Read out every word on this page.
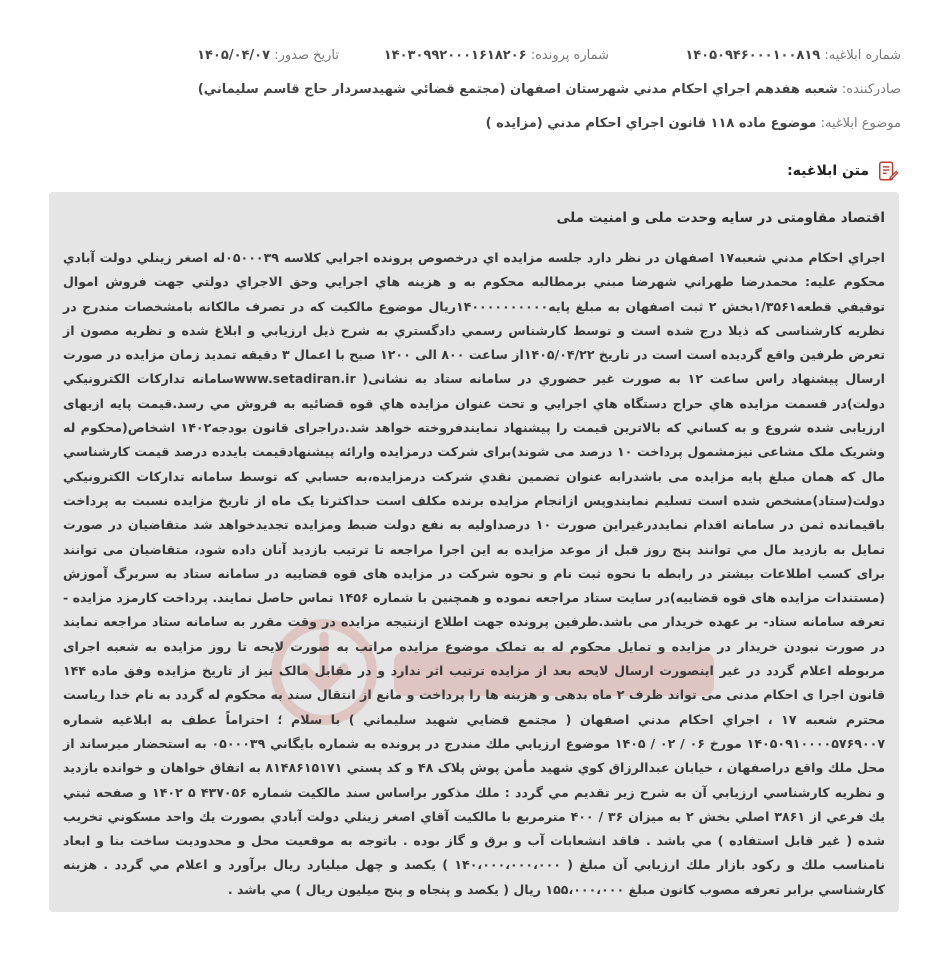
شماره ابلاغیه: ۱۴۰۵۰۹۴۶۰۰۰۱۰۰۸۱۹
شماره پرونده: ۱۴۰۳۰۹۹۲۰۰۰۱۶۱۸۲۰۶
تاریخ صدور: ۱۴۰۵/۰۴/۰۷
صادرکننده: شعبه هفدهم اجراي احكام مدني شهرستان اصفهان (مجتمع قضائي شهيدسردار حاج قاسم سليماني)
موضوع ابلاغیه: موضوع ماده ۱۱۸ قانون اجراي احكام مدني (مزايده )
متن ابلاغیه:

اقتصاد مقاومتی در سایه وحدت ملی و امنیت ملی

اجراي احكام مدني شعبه۱۷ اصفهان در نظر دارد جلسه مزايده اي درخصوص پرونده اجرایي كلاسه ۰۵۰۰۰۳۹له اصغر زينلي دولت آبادي محكوم عليه: محمدرضا طهراني شهرضا مبني برمطالبه محكوم به و هزينه هاي اجرايي وحق الاجراي دولتي جهت فروش اموال توقيفي قطعه۱/۳۵۶۱بخش ۲ ثبت اصفهان به مبلغ پايه۱۴۰۰۰۰۰۰۰۰۰۰ريال موضوع مالكيت كه در تصرف مالكانه بامشخصات مندرج در نظريه كارشناسی كه ذيلا درج شده است و توسط كارشناس رسمي دادگستري به شرح ذيل ارزيابي و ابلاغ شده و نظريه مصون از تعرض طرفين واقع گرديده است است در تاريخ ۱۴۰۵/۰۴/۲۲از ساعت ۸۰۰ الی ۱۲۰۰ صبح با اعمال ۳ دقيقه تمديد زمان مزايده در صورت ارسال پيشنهاد راس ساعت ۱۲ به صورت غير حضوري در سامانه ستاد به نشانی( www.setadiran.irسامانه تداركات الكترونيكي دولت)در قسمت مزايده هاي حراج دستگاه هاي اجرايي و تحت عنوان مزايده هاي قوه قضائيه به فروش مي رسد.قيمت پايه ازبهای ارزيابی شده شروع و به كساني كه بالاترين قيمت را پيشنهاد نمايندفروخته خواهد شد.دراجرای قانون بودجه۱۴۰۲ اشخاص(محكوم له وشريک ملک مشاعی نيزمشمول پرداخت ۱۰ درصد مى شوند)برای شركت درمزايده وارائه پيشنهادقيمت بايدده درصد قيمت كارشناسي مال كه همان مبلغ پايه مزايده می باشدرابه عنوان تضمين نقدي شركت درمزايده،به حسابي كه توسط سامانه تداركات الكترونيكي دولت(ستاد)مشخص شده است تسليم نمايندوپس ازانجام مزايده برنده مكلف است حداكثرتا يک ماه از تاريخ مزايده نسبت به پرداخت باقيمانده ثمن در سامانه اقدام نمايددرغيراين صورت ۱۰ درصداوليه به نفع دولت ضبط ومزايده تجديدخواهد شد متقاضيان در صورت تمايل به بازديد مال مي توانند پنج روز قبل از موعد مزايده به اين اجرا مراجعه تا ترتيب بازديد آنان داده شود، متقاضيان مى توانند براى كسب اطلاعات بيشتر در رابطه با نحوه ثبت نام و نحوه شركت در مزايده هاى قوه قضاييه در سامانه ستاد به سربرگ آموزش (مستندات مزايده هاى قوه قضاييه)در سايت ستاد مراجعه نموده و همچنين با شماره ۱۴۵۶ تماس حاصل نمايند. پرداخت كارمزد مزايده - تعرفه سامانه ستاد- بر عهده خريدار مى باشد.طرفين پرونده جهت اطلاع ازنتيجه مزايده در وقت مقرر به سامانه ستاد مراجعه نمايند در صورت نبودن خريدار در مزايده و تمايل محكوم له به تملک موضوع مزايده مراتب به صورت لايحه تا روز مزايده به شعبه اجرای مربوطه اعلام گردد در غير اينصورت ارسال لايحه بعد از مزايده ترتيب اثر ندارد و در مقابل مالک نيز از تاريخ مزايده وفق ماده ۱۴۴ قانون اجرا ی احكام مدنی می تواند ظرف ۲ ماه بدهی و هزينه ها را پرداخت و مانع از انتقال سند به محكوم له گردد به نام خدا رياست محترم شعبه ۱۷ ، اجراي احكام مدني اصفهان ( مجتمع قضايي شهيد سليماني ) با سلام ؛ احتراماً عطف به ابلاغيه شماره ۱۴۰۵۰۹۱۰۰۰۰۵۷۶۹۰۰۷ مورخ ۰۶ / ۰۲ / ۱۴۰۵ موضوع ارزيابي ملك مندرج در پرونده به شماره بايگاني ۰۵۰۰۰۳۹ به استحضار ميرساند از محل ملك واقع دراصفهان ، خيابان عبدالرزاق كوي شهيد مأمن پوش پلاک ۴۸ و كد پستي ۸۱۴۸۶۱۵۱۷۱ به اتفاق خواهان و خوانده بازديد و نظريه كارشناسي ارزيابي آن به شرح زير تقديم مي گردد : ملك مذكور براساس سند مالكيت شماره ۴۳۷۰۵۶ ۵ ۱۴۰۲ و صفحه ثبتي يك فرعي از ۳۸۶۱ اصلي بخش ۲ به ميزان ۳۶ / ۴۰۰ مترمربع با مالكيت آقاي اصغر زينلي دولت آبادي بصورت يك واحد مسكوني تخريب شده ( غير قابل استفاده ) مي باشد . فاقد انشعابات آب و برق و گاز بوده . باتوجه به موقعيت محل و محدوديت ساخت بنا و ابعاد نامناسب ملك و ركود بازار ملك ارزيابي آن مبلغ ( ۱۴۰،۰۰۰،۰۰۰،۰۰۰ ) يكصد و چهل ميليارد ريال برآورد و اعلام مي گردد . هزينه كارشناسي برابر تعرفه مصوب كانون مبلغ ۱۵۵،۰۰۰،۰۰۰ ريال ( يكصد و پنجاه و پنج ميليون ريال ) مي باشد .
